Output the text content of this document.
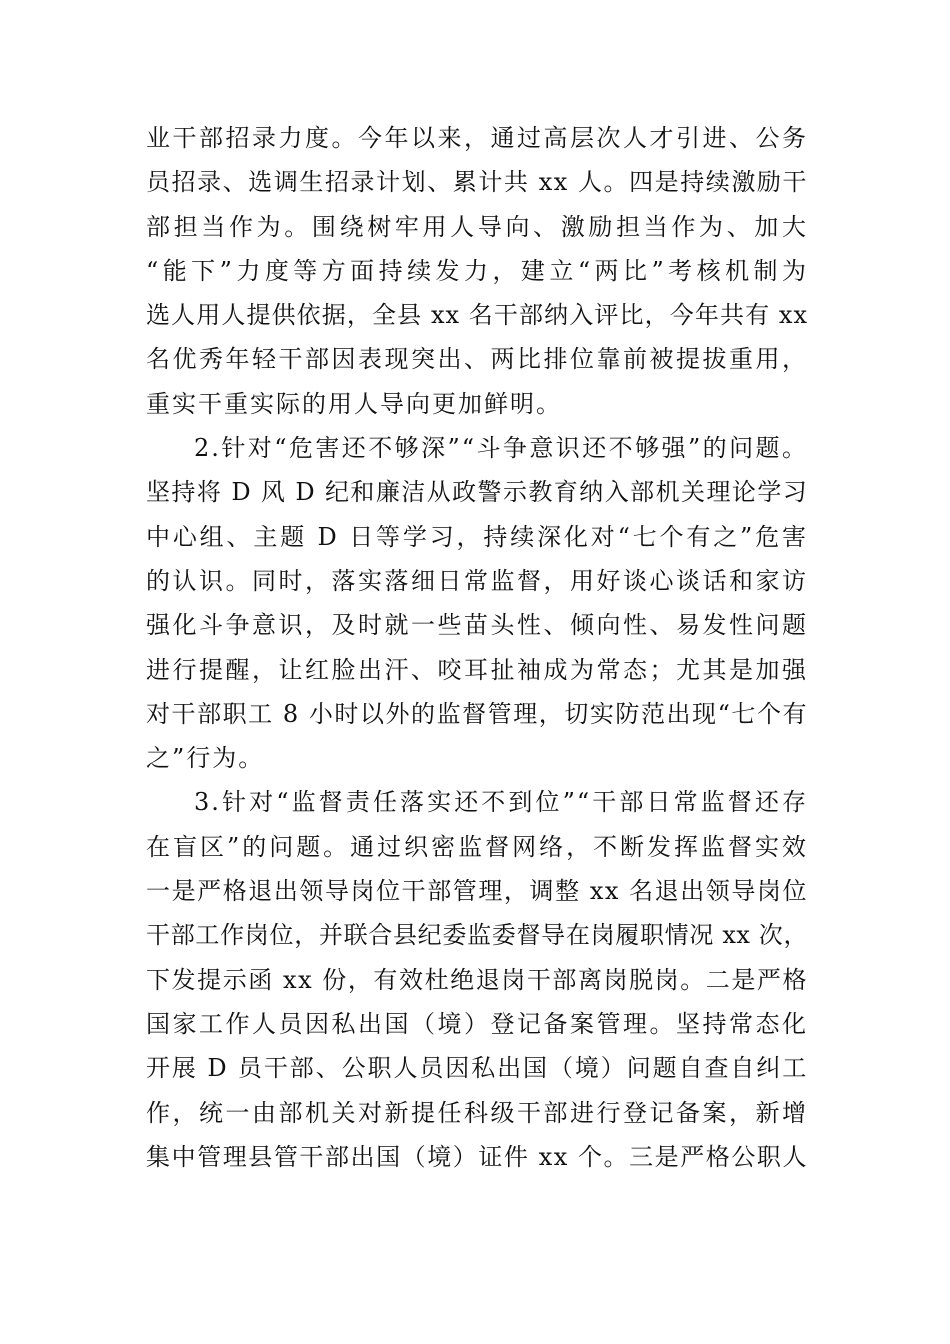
业干部招录力度。今年以来，通过高层次人才引进、公务
员招录、选调生招录计划、累计共 xx 人。四是持续激励干
部担当作为。围绕树牢用人导向、激励担当作为、加大
“能下”力度等方面持续发力，建立“两比”考核机制为
选人用人提供依据，全县 xx 名干部纳入评比，今年共有 xx
名优秀年轻干部因表现突出、两比排位靠前被提拔重用，
重实干重实际的用人导向更加鲜明。
2.针对“危害还不够深”“斗争意识还不够强”的问题。
坚持将 D 风 D 纪和廉洁从政警示教育纳入部机关理论学习
中心组、主题 D 日等学习，持续深化对“七个有之”危害
的认识。同时，落实落细日常监督，用好谈心谈话和家访
强化斗争意识，及时就一些苗头性、倾向性、易发性问题
进行提醒，让红脸出汗、咬耳扯袖成为常态；尤其是加强
对干部职工 8 小时以外的监督管理，切实防范出现“七个有
之”行为。
3.针对“监督责任落实还不到位”“干部日常监督还存
在盲区”的问题。通过织密监督网络，不断发挥监督实效
一是严格退出领导岗位干部管理，调整 xx 名退出领导岗位
干部工作岗位，并联合县纪委监委督导在岗履职情况 xx 次，
下发提示函 xx 份，有效杜绝退岗干部离岗脱岗。二是严格
国家工作人员因私出国（境）登记备案管理。坚持常态化
开展 D 员干部、公职人员因私出国（境）问题自查自纠工
作，统一由部机关对新提任科级干部进行登记备案，新增
集中管理县管干部出国（境）证件 xx 个。三是严格公职人
